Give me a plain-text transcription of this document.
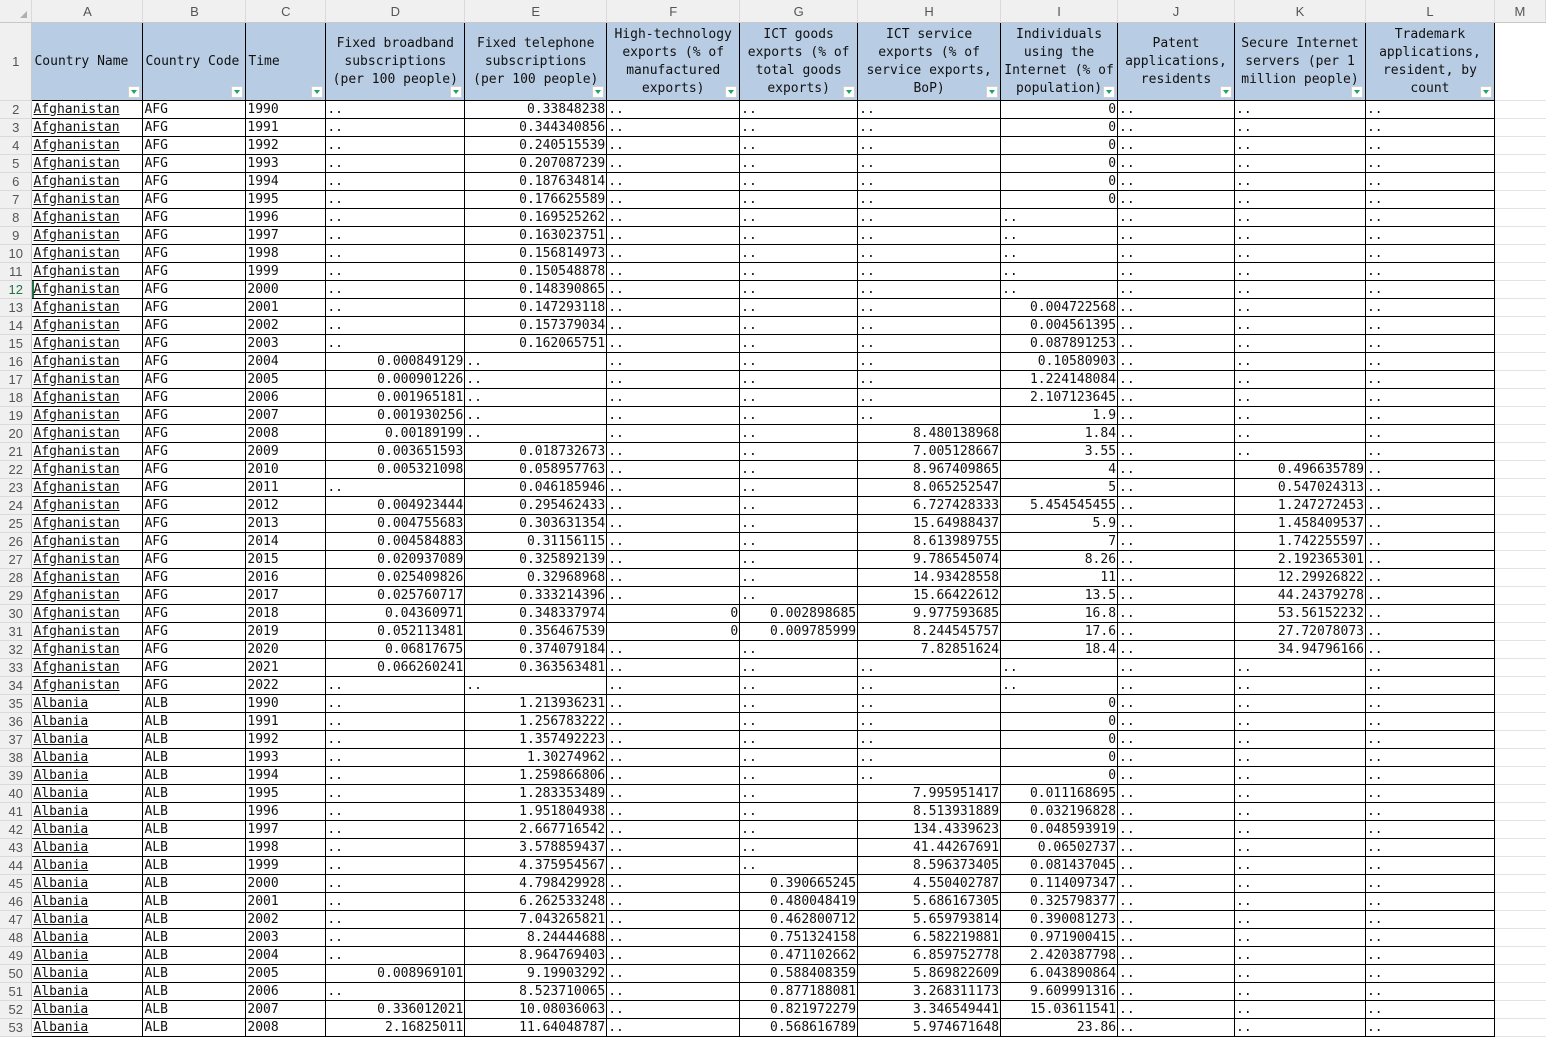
	A	B	C	D	E	F	G	H	I	J	K	L	M
1	Country Name	Country Code	Time	Fixed broadband subscriptions (per 100 people)	Fixed telephone subscriptions (per 100 people)	High-technology exports (% of manufactured exports)	ICT goods exports (% of total goods exports)	ICT service exports (% of service exports, BoP)	Individuals using the Internet (% of population)	Patent applications, residents	Secure Internet servers (per 1 million people)	Trademark applications, resident, by count

2	Afghanistan	AFG	1990	..	0.33848238	..	..	..	0	..	..	..	
3	Afghanistan	AFG	1991	..	0.344340856	..	..	..	0	..	..	..	
4	Afghanistan	AFG	1992	..	0.240515539	..	..	..	0	..	..	..	
5	Afghanistan	AFG	1993	..	0.207087239	..	..	..	0	..	..	..	
6	Afghanistan	AFG	1994	..	0.187634814	..	..	..	0	..	..	..	
7	Afghanistan	AFG	1995	..	0.176625589	..	..	..	0	..	..	..	
8	Afghanistan	AFG	1996	..	0.169525262	..	..	..	..	..	..	..	
9	Afghanistan	AFG	1997	..	0.163023751	..	..	..	..	..	..	..	
10	Afghanistan	AFG	1998	..	0.156814973	..	..	..	..	..	..	..	
11	Afghanistan	AFG	1999	..	0.150548878	..	..	..	..	..	..	..	
12	Afghanistan	AFG	2000	..	0.148390865	..	..	..	..	..	..	..	
13	Afghanistan	AFG	2001	..	0.147293118	..	..	..	0.004722568	..	..	..	
14	Afghanistan	AFG	2002	..	0.157379034	..	..	..	0.004561395	..	..	..	
15	Afghanistan	AFG	2003	..	0.162065751	..	..	..	0.087891253	..	..	..	
16	Afghanistan	AFG	2004	0.000849129	..	..	..	..	0.10580903	..	..	..	
17	Afghanistan	AFG	2005	0.000901226	..	..	..	..	1.224148084	..	..	..	
18	Afghanistan	AFG	2006	0.001965181	..	..	..	..	2.107123645	..	..	..	
19	Afghanistan	AFG	2007	0.001930256	..	..	..	..	1.9	..	..	..	
20	Afghanistan	AFG	2008	0.00189199	..	..	..	8.480138968	1.84	..	..	..	
21	Afghanistan	AFG	2009	0.003651593	0.018732673	..	..	7.005128667	3.55	..	..	..	
22	Afghanistan	AFG	2010	0.005321098	0.058957763	..	..	8.967409865	4	..	0.496635789	..	
23	Afghanistan	AFG	2011	..	0.046185946	..	..	8.065252547	5	..	0.547024313	..	
24	Afghanistan	AFG	2012	0.004923444	0.295462433	..	..	6.727428333	5.454545455	..	1.247272453	..	
25	Afghanistan	AFG	2013	0.004755683	0.303631354	..	..	15.64988437	5.9	..	1.458409537	..	
26	Afghanistan	AFG	2014	0.004584883	0.31156115	..	..	8.613989755	7	..	1.742255597	..	
27	Afghanistan	AFG	2015	0.020937089	0.325892139	..	..	9.786545074	8.26	..	2.192365301	..	
28	Afghanistan	AFG	2016	0.025409826	0.32968968	..	..	14.93428558	11	..	12.29926822	..	
29	Afghanistan	AFG	2017	0.025760717	0.333214396	..	..	15.66422612	13.5	..	44.24379278	..	
30	Afghanistan	AFG	2018	0.04360971	0.348337974	0	0.002898685	9.977593685	16.8	..	53.56152232	..	
31	Afghanistan	AFG	2019	0.052113481	0.356467539	0	0.009785999	8.244545757	17.6	..	27.72078073	..	
32	Afghanistan	AFG	2020	0.06817675	0.374079184	..	..	7.82851624	18.4	..	34.94796166	..	
33	Afghanistan	AFG	2021	0.066260241	0.363563481	..	..	..	..	..	..	..	
34	Afghanistan	AFG	2022	..	..	..	..	..	..	..	..	..	
35	Albania	ALB	1990	..	1.213936231	..	..	..	0	..	..	..	
36	Albania	ALB	1991	..	1.256783222	..	..	..	0	..	..	..	
37	Albania	ALB	1992	..	1.357492223	..	..	..	0	..	..	..	
38	Albania	ALB	1993	..	1.30274962	..	..	..	0	..	..	..	
39	Albania	ALB	1994	..	1.259866806	..	..	..	0	..	..	..	
40	Albania	ALB	1995	..	1.283353489	..	..	7.995951417	0.011168695	..	..	..	
41	Albania	ALB	1996	..	1.951804938	..	..	8.513931889	0.032196828	..	..	..	
42	Albania	ALB	1997	..	2.667716542	..	..	134.4339623	0.048593919	..	..	..	
43	Albania	ALB	1998	..	3.578859437	..	..	41.44267691	0.06502737	..	..	..	
44	Albania	ALB	1999	..	4.375954567	..	..	8.596373405	0.081437045	..	..	..	
45	Albania	ALB	2000	..	4.798429928	..	0.390665245	4.550402787	0.114097347	..	..	..	
46	Albania	ALB	2001	..	6.262533248	..	0.480048419	5.686167305	0.325798377	..	..	..	
47	Albania	ALB	2002	..	7.043265821	..	0.462800712	5.659793814	0.390081273	..	..	..	
48	Albania	ALB	2003	..	8.24444688	..	0.751324158	6.582219881	0.971900415	..	..	..	
49	Albania	ALB	2004	..	8.964769403	..	0.471102662	6.859752778	2.420387798	..	..	..	
50	Albania	ALB	2005	0.008969101	9.19903292	..	0.588408359	5.869822609	6.043890864	..	..	..	
51	Albania	ALB	2006	..	8.523710065	..	0.877188081	3.268311173	9.609991316	..	..	..	
52	Albania	ALB	2007	0.336012021	10.08036063	..	0.821972279	3.346549441	15.03611541	..	..	..	
53	Albania	ALB	2008	2.16825011	11.64048787	..	0.568616789	5.974671648	23.86	..	..	..	
